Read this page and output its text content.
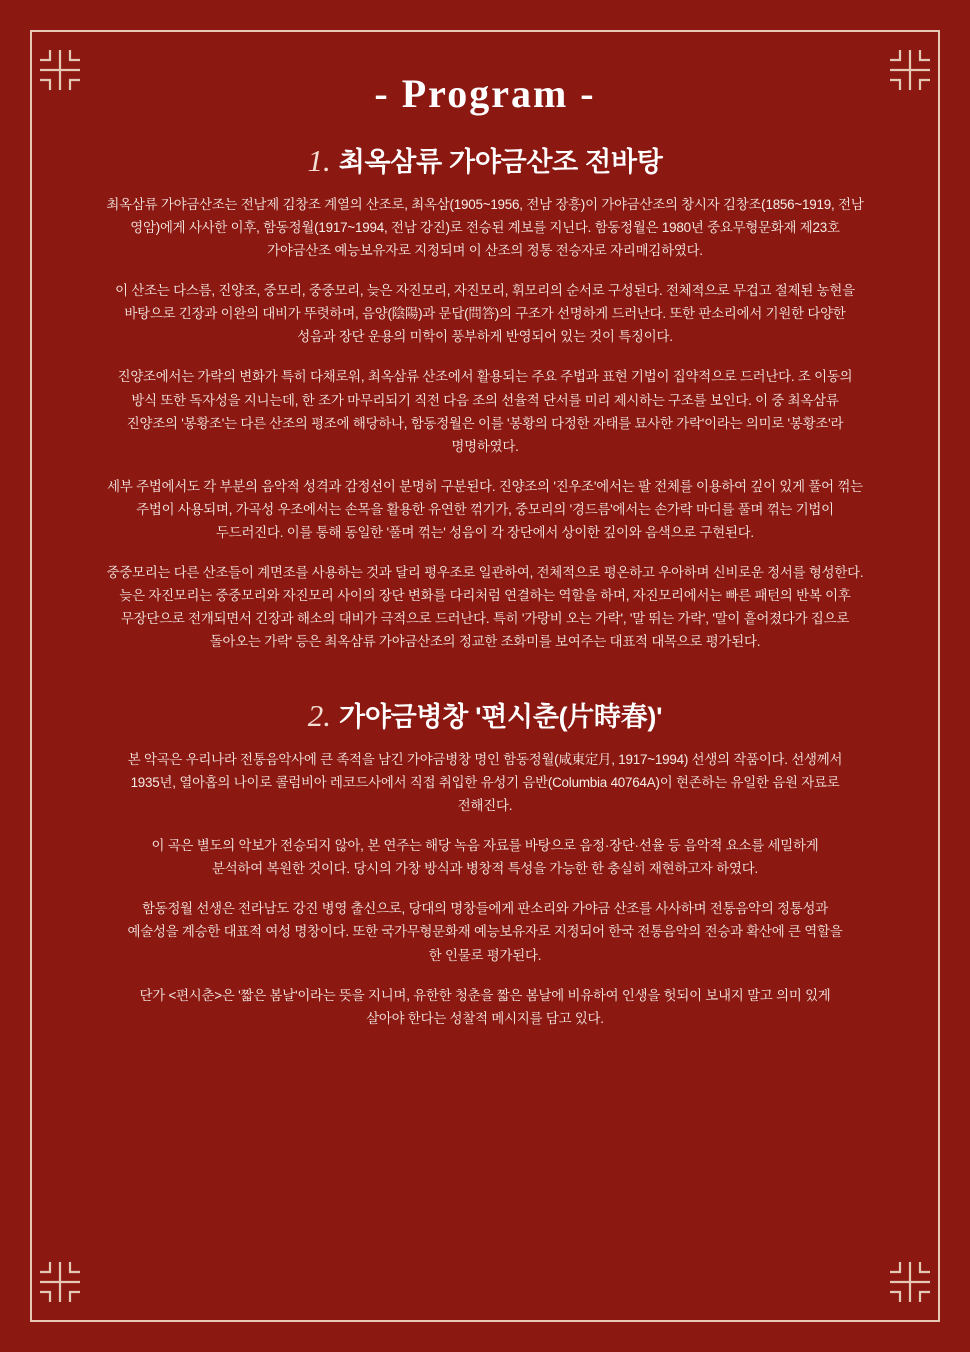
- Program -
1. 최옥삼류 가야금산조 전바탕

최옥삼류 가야금산조는 전남제 김창조 계열의 산조로, 최옥삼(1905~1956, 전남 장흥)이 가야금산조의 창시자 김창조(1856~1919, 전남 영암)에게 사사한 이후, 함동정월(1917~1994, 전남 강진)로 전승된 계보를 지닌다. 함동정월은 1980년 중요무형문화재 제23호 가야금산조 예능보유자로 지정되며 이 산조의 정통 전승자로 자리매김하였다.

이 산조는 다스름, 진양조, 중모리, 중중모리, 늦은 자진모리, 자진모리, 휘모리의 순서로 구성된다. 전체적으로 무겁고 절제된 농현을 바탕으로 긴장과 이완의 대비가 뚜렷하며, 음양(陰陽)과 문답(問答)의 구조가 선명하게 드러난다. 또한 판소리에서 기원한 다양한 성음과 장단 운용의 미학이 풍부하게 반영되어 있는 것이 특징이다.

진양조에서는 가락의 변화가 특히 다채로워, 최옥삼류 산조에서 활용되는 주요 주법과 표현 기법이 집약적으로 드러난다. 조 이동의 방식 또한 독자성을 지니는데, 한 조가 마무리되기 직전 다음 조의 선율적 단서를 미리 제시하는 구조를 보인다. 이 중 최옥삼류 진양조의 '봉황조'는 다른 산조의 평조에 해당하나, 함동정월은 이를 '봉황의 다정한 자태를 묘사한 가락'이라는 의미로 '봉황조'라 명명하였다.

세부 주법에서도 각 부분의 음악적 성격과 감정선이 분명히 구분된다. 진양조의 '진우조'에서는 팔 전체를 이용하여 깊이 있게 풀어 꺾는 주법이 사용되며, 가곡성 우조에서는 손목을 활용한 유연한 꺾기가, 중모리의 '경드름'에서는 손가락 마디를 풀며 꺾는 기법이 두드러진다. 이를 통해 동일한 '풀며 꺾는' 성음이 각 장단에서 상이한 깊이와 음색으로 구현된다.

중중모리는 다른 산조들이 계면조를 사용하는 것과 달리 평우조로 일관하여, 전체적으로 평온하고 우아하며 신비로운 정서를 형성한다. 늦은 자진모리는 중중모리와 자진모리 사이의 장단 변화를 다리처럼 연결하는 역할을 하며, 자진모리에서는 빠른 패턴의 반복 이후 무장단으로 전개되면서 긴장과 해소의 대비가 극적으로 드러난다. 특히 '가랑비 오는 가락', '말 뛰는 가락', '말이 흩어졌다가 집으로 돌아오는 가락' 등은 최옥삼류 가야금산조의 정교한 조화미를 보여주는 대표적 대목으로 평가된다.

2. 가야금병창 '편시춘(片時春)'

본 악곡은 우리나라 전통음악사에 큰 족적을 남긴 가야금병창 명인 함동정월(咸東定月, 1917~1994) 선생의 작품이다. 선생께서 1935년, 열아홉의 나이로 콜럼비아 레코드사에서 직접 취입한 유성기 음반(Columbia 40764A)이 현존하는 유일한 음원 자료로 전해진다.

이 곡은 별도의 악보가 전승되지 않아, 본 연주는 해당 녹음 자료를 바탕으로 음정·장단·선율 등 음악적 요소를 세밀하게 분석하여 복원한 것이다. 당시의 가창 방식과 병창적 특성을 가능한 한 충실히 재현하고자 하였다.

함동정월 선생은 전라남도 강진 병영 출신으로, 당대의 명창들에게 판소리와 가야금 산조를 사사하며 전통음악의 정통성과 예술성을 계승한 대표적 여성 명창이다. 또한 국가무형문화재 예능보유자로 지정되어 한국 전통음악의 전승과 확산에 큰 역할을 한 인물로 평가된다.

단가 <편시춘>은 '짧은 봄날'이라는 뜻을 지니며, 유한한 청춘을 짧은 봄날에 비유하여 인생을 헛되이 보내지 말고 의미 있게 살아야 한다는 성찰적 메시지를 담고 있다.
